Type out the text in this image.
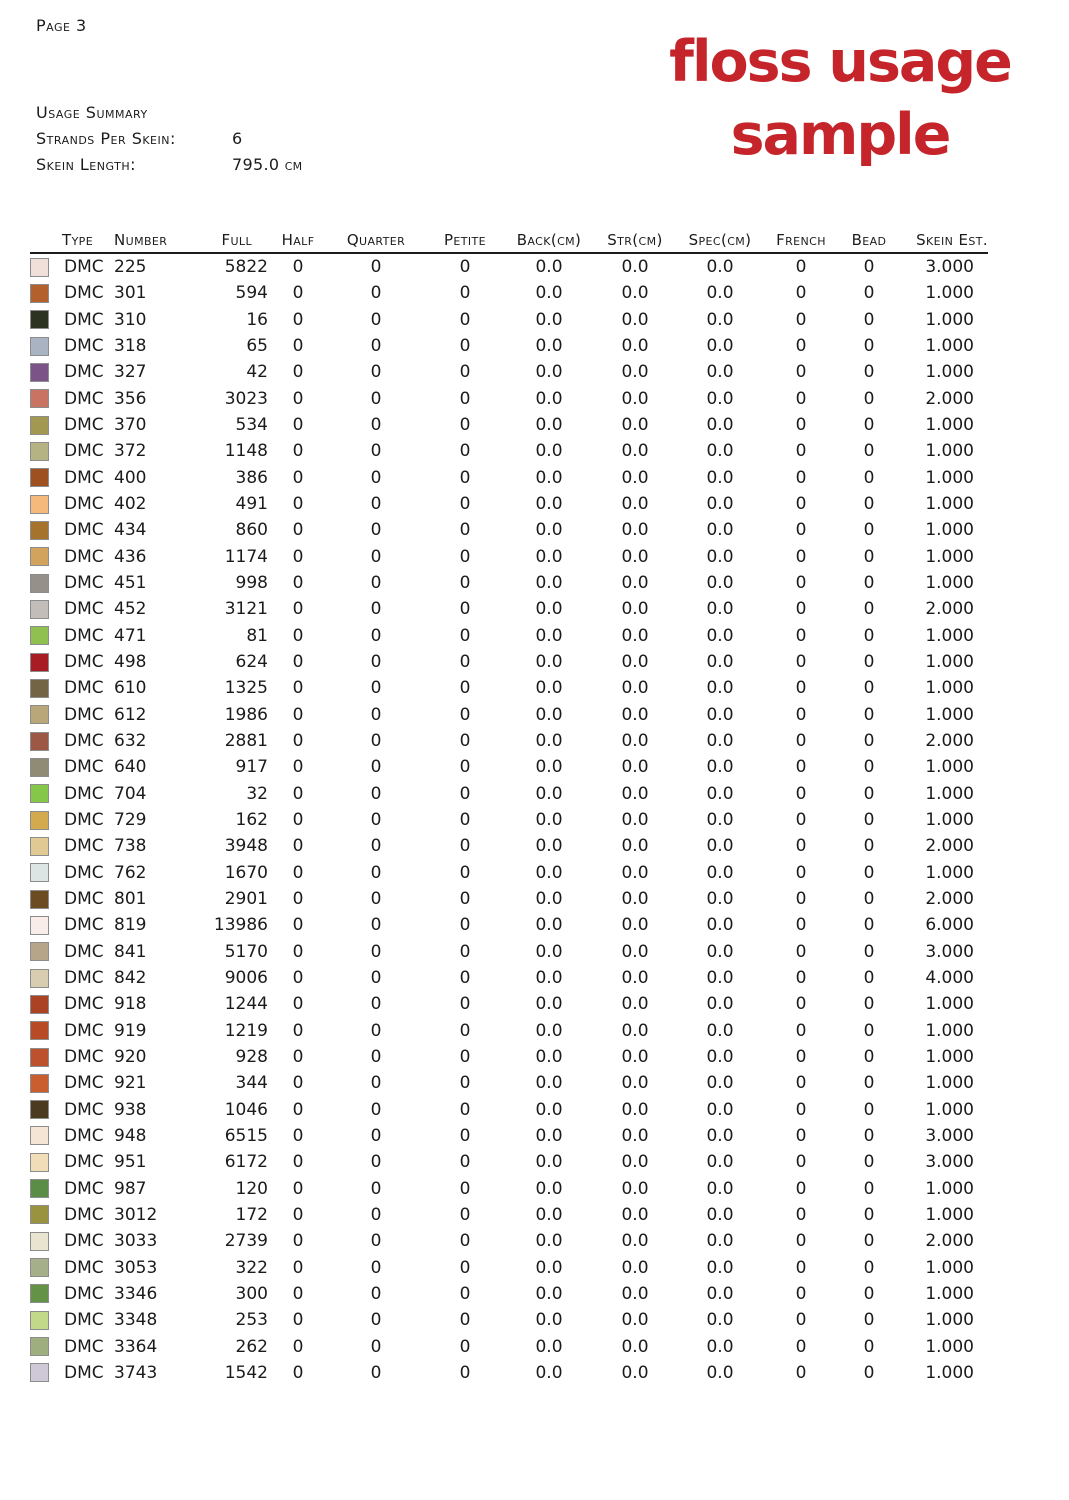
Page 3
floss usage
sample
Usage Summary
Strands Per Skein:	6
Skein Length:	795.0 cm
Type	Number	Full	Half	Quarter	Petite	Back(cm)	Str(cm)	Spec(cm)	French	Bead	Skein Est.
DMC 225	5822	0	0	0	0.0	0.0	0.0	0	0	3.000
DMC 301	594	0	0	0	0.0	0.0	0.0	0	0	1.000
DMC 310	16	0	0	0	0.0	0.0	0.0	0	0	1.000
DMC 318	65	0	0	0	0.0	0.0	0.0	0	0	1.000
DMC 327	42	0	0	0	0.0	0.0	0.0	0	0	1.000
DMC 356	3023	0	0	0	0.0	0.0	0.0	0	0	2.000
DMC 370	534	0	0	0	0.0	0.0	0.0	0	0	1.000
DMC 372	1148	0	0	0	0.0	0.0	0.0	0	0	1.000
DMC 400	386	0	0	0	0.0	0.0	0.0	0	0	1.000
DMC 402	491	0	0	0	0.0	0.0	0.0	0	0	1.000
DMC 434	860	0	0	0	0.0	0.0	0.0	0	0	1.000
DMC 436	1174	0	0	0	0.0	0.0	0.0	0	0	1.000
DMC 451	998	0	0	0	0.0	0.0	0.0	0	0	1.000
DMC 452	3121	0	0	0	0.0	0.0	0.0	0	0	2.000
DMC 471	81	0	0	0	0.0	0.0	0.0	0	0	1.000
DMC 498	624	0	0	0	0.0	0.0	0.0	0	0	1.000
DMC 610	1325	0	0	0	0.0	0.0	0.0	0	0	1.000
DMC 612	1986	0	0	0	0.0	0.0	0.0	0	0	1.000
DMC 632	2881	0	0	0	0.0	0.0	0.0	0	0	2.000
DMC 640	917	0	0	0	0.0	0.0	0.0	0	0	1.000
DMC 704	32	0	0	0	0.0	0.0	0.0	0	0	1.000
DMC 729	162	0	0	0	0.0	0.0	0.0	0	0	1.000
DMC 738	3948	0	0	0	0.0	0.0	0.0	0	0	2.000
DMC 762	1670	0	0	0	0.0	0.0	0.0	0	0	1.000
DMC 801	2901	0	0	0	0.0	0.0	0.0	0	0	2.000
DMC 819	13986	0	0	0	0.0	0.0	0.0	0	0	6.000
DMC 841	5170	0	0	0	0.0	0.0	0.0	0	0	3.000
DMC 842	9006	0	0	0	0.0	0.0	0.0	0	0	4.000
DMC 918	1244	0	0	0	0.0	0.0	0.0	0	0	1.000
DMC 919	1219	0	0	0	0.0	0.0	0.0	0	0	1.000
DMC 920	928	0	0	0	0.0	0.0	0.0	0	0	1.000
DMC 921	344	0	0	0	0.0	0.0	0.0	0	0	1.000
DMC 938	1046	0	0	0	0.0	0.0	0.0	0	0	1.000
DMC 948	6515	0	0	0	0.0	0.0	0.0	0	0	3.000
DMC 951	6172	0	0	0	0.0	0.0	0.0	0	0	3.000
DMC 987	120	0	0	0	0.0	0.0	0.0	0	0	1.000
DMC 3012	172	0	0	0	0.0	0.0	0.0	0	0	1.000
DMC 3033	2739	0	0	0	0.0	0.0	0.0	0	0	2.000
DMC 3053	322	0	0	0	0.0	0.0	0.0	0	0	1.000
DMC 3346	300	0	0	0	0.0	0.0	0.0	0	0	1.000
DMC 3348	253	0	0	0	0.0	0.0	0.0	0	0	1.000
DMC 3364	262	0	0	0	0.0	0.0	0.0	0	0	1.000
DMC 3743	1542	0	0	0	0.0	0.0	0.0	0	0	1.000
